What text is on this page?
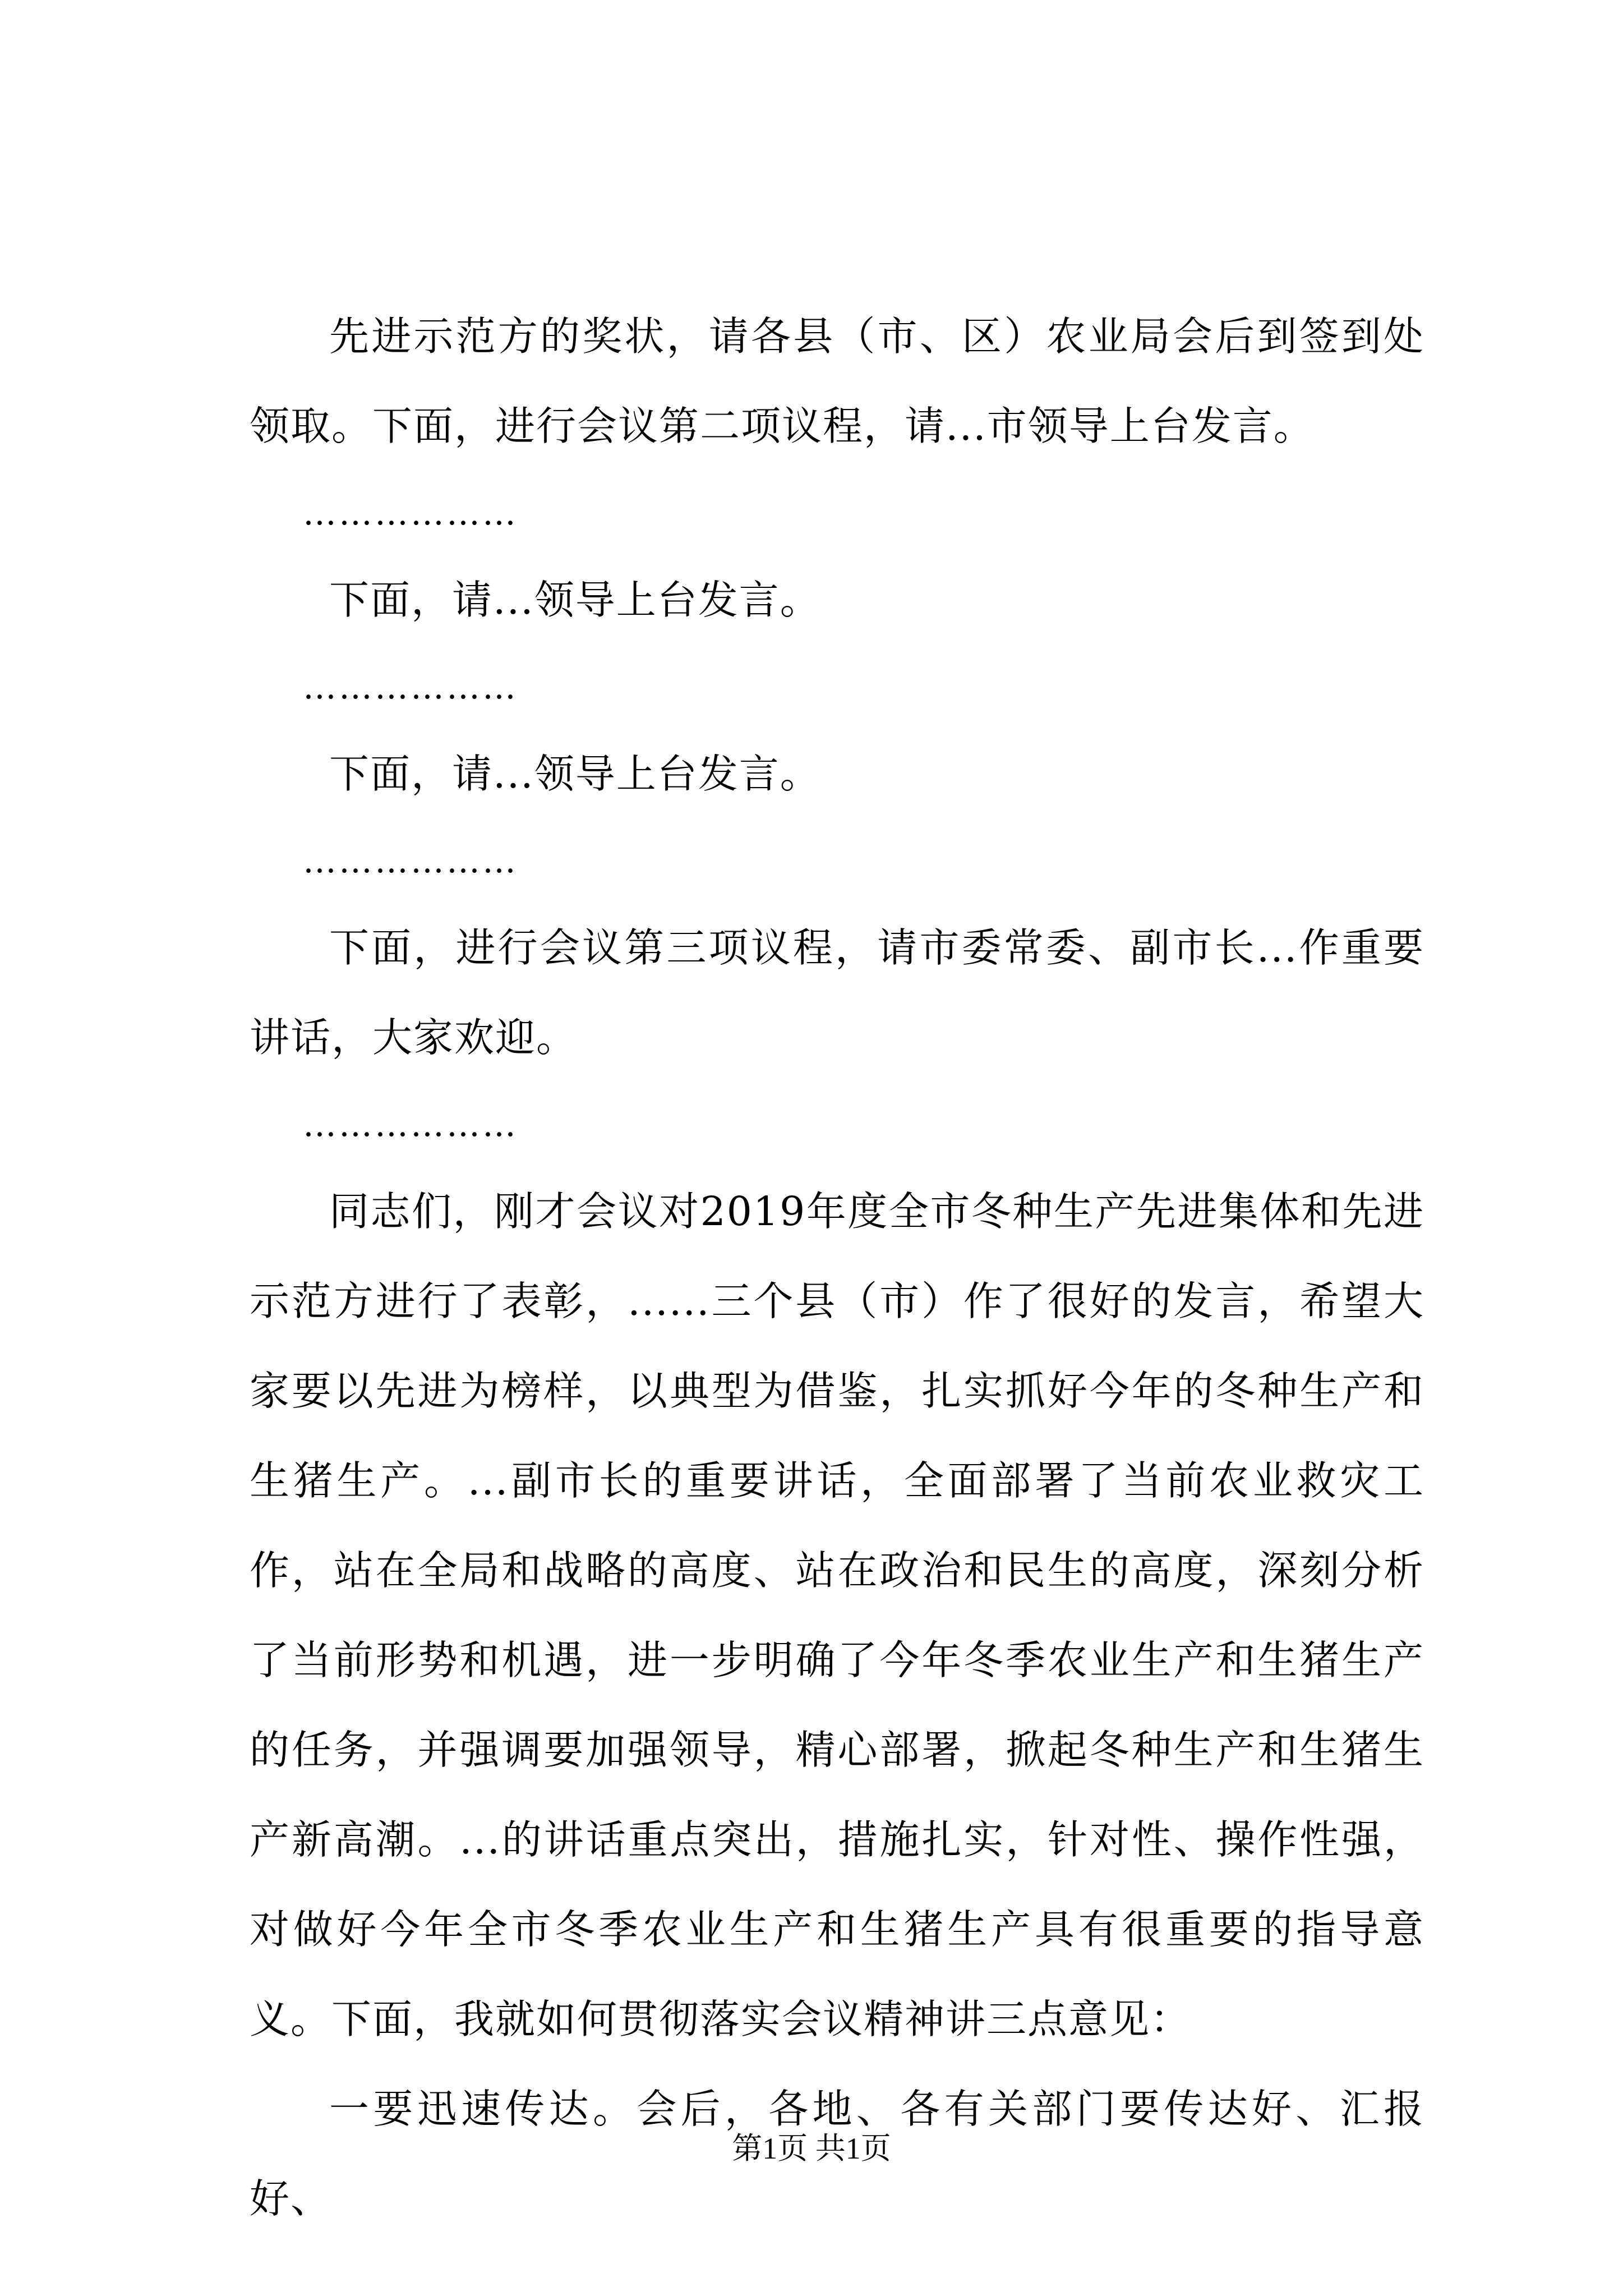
先进示范方的奖状，请各县（市、区）农业局会后到签到处领取。下面，进行会议第二项议程，请...市领导上台发言。

………………

下面，请...领导上台发言。

………………

下面，请...领导上台发言。

………………

下面，进行会议第三项议程，请市委常委、副市长...作重要讲话，大家欢迎。

………………

同志们，刚才会议对2019年度全市冬种生产先进集体和先进示范方进行了表彰，......三个县（市）作了很好的发言，希望大家要以先进为榜样，以典型为借鉴，扎实抓好今年的冬种生产和生猪生产。...副市长的重要讲话，全面部署了当前农业救灾工作，站在全局和战略的高度、站在政治和民生的高度，深刻分析了当前形势和机遇，进一步明确了今年冬季农业生产和生猪生产的任务，并强调要加强领导，精心部署，掀起冬种生产和生猪生产新高潮。...的讲话重点突出，措施扎实，针对性、操作性强，对做好今年全市冬季农业生产和生猪生产具有很重要的指导意义。下面，我就如何贯彻落实会议精神讲三点意见：

一要迅速传达。会后，各地、各有关部门要传达好、汇报好、

第1页 共1页
